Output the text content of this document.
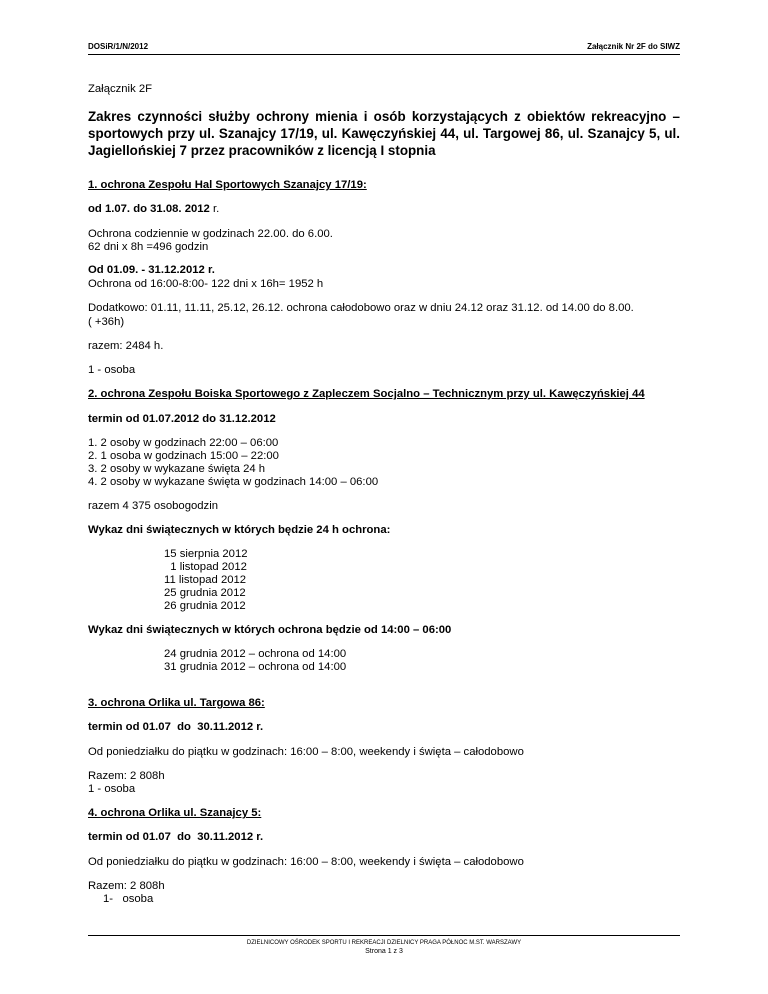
DOSiR/1/N/2012	Załącznik Nr 2F do SIWZ
Załącznik 2F
Zakres czynności służby ochrony mienia i osób korzystających z obiektów rekreacyjno – sportowych przy ul. Szanajcy 17/19, ul. Kawęczyńskiej 44, ul. Targowej 86, ul. Szanajcy 5, ul. Jagiellońskiej 7 przez pracowników z licencją I stopnia
1. ochrona Zespołu Hal Sportowych Szanajcy 17/19:
od 1.07. do 31.08. 2012 r.
Ochrona codziennie w godzinach 22.00. do 6.00.
62 dni x 8h =496 godzin
Od 01.09. - 31.12.2012 r.
Ochrona od 16:00-8:00- 122 dni x 16h= 1952 h
Dodatkowo: 01.11, 11.11, 25.12, 26.12. ochrona całodobowo oraz w dniu 24.12 oraz 31.12. od 14.00 do 8.00.
( +36h)
razem: 2484 h.
1 - osoba
2. ochrona Zespołu Boiska Sportowego z Zapleczem Socjalno – Technicznym przy ul. Kawęczyńskiej 44
termin od 01.07.2012 do 31.12.2012
1. 2 osoby w godzinach 22:00 – 06:00
2. 1 osoba w godzinach 15:00 – 22:00
3. 2 osoby w wykazane święta 24 h
4. 2 osoby w wykazane święta w godzinach 14:00 – 06:00
razem 4 375 osobogodzin
Wykaz dni świątecznych w których będzie 24 h ochrona:
15 sierpnia 2012
1 listopad 2012
11 listopad 2012
25 grudnia 2012
26 grudnia 2012
Wykaz dni świątecznych w których ochrona będzie od 14:00 – 06:00
24 grudnia 2012 – ochrona od 14:00
31 grudnia 2012 – ochrona od 14:00
3. ochrona Orlika ul. Targowa 86:
termin od 01.07  do  30.11.2012 r.
Od poniedziałku do piątku w godzinach: 16:00 – 8:00, weekendy i święta – całodobowo
Razem: 2 808h
1 - osoba
4. ochrona Orlika ul. Szanajcy 5:
termin od 01.07  do  30.11.2012 r.
Od poniedziałku do piątku w godzinach: 16:00 – 8:00, weekendy i święta – całodobowo
Razem: 2 808h
1-   osoba
DZIELNICOWY OŚRODEK SPORTU I REKREACJI DZIELNICY PRAGA PÓŁNOC M.ST. WARSZAWY
Strona 1 z 3
